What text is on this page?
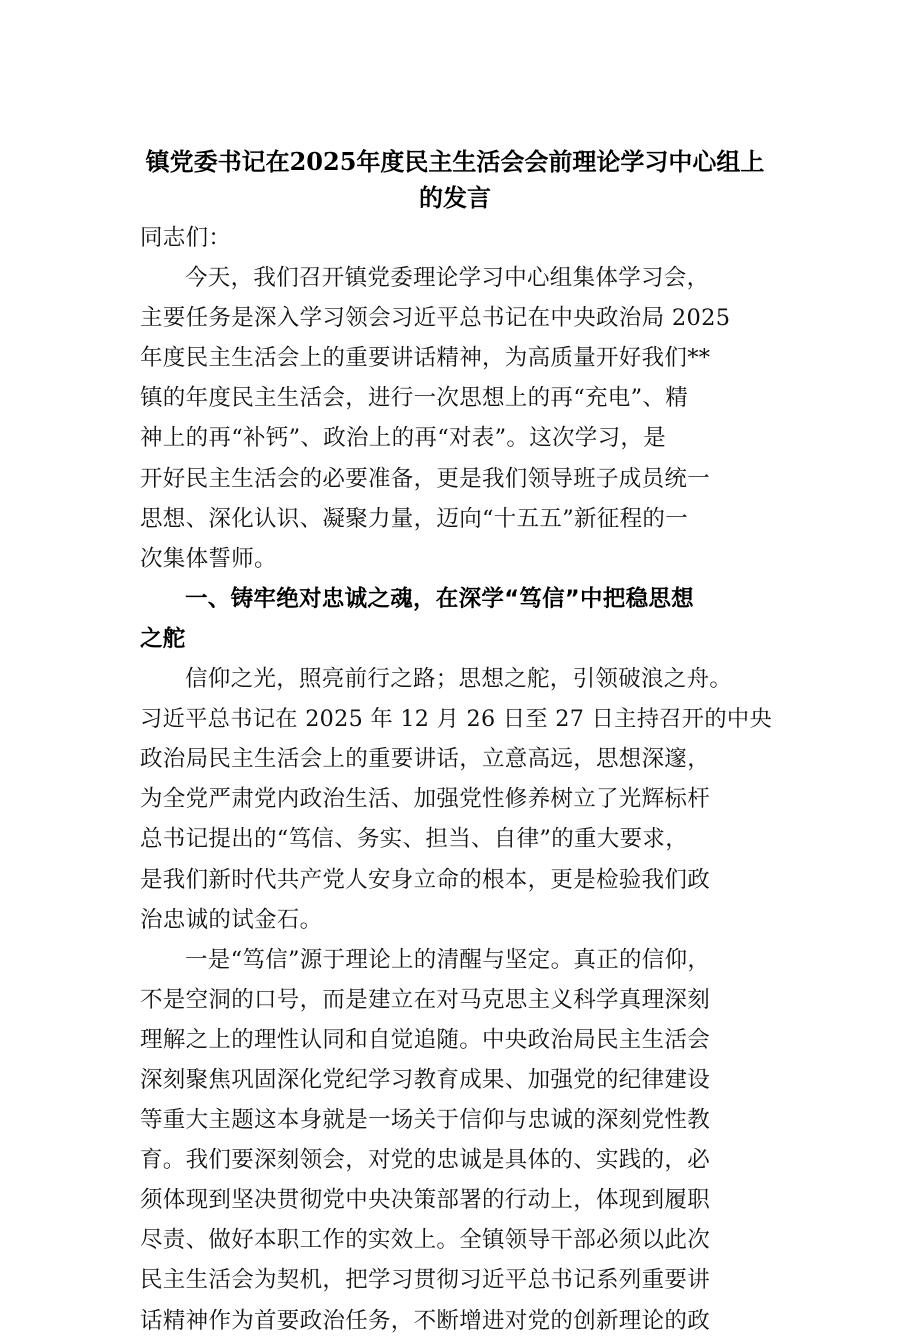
镇党委书记在2025年度民主生活会会前理论学习中心组上
的发言
同志们：
今天，我们召开镇党委理论学习中心组集体学习会，
主要任务是深入学习领会习近平总书记在中央政治局 2025
年度民主生活会上的重要讲话精神，为高质量开好我们**
镇的年度民主生活会，进行一次思想上的再“充电”、精
神上的再“补钙”、政治上的再“对表”。这次学习，是
开好民主生活会的必要准备，更是我们领导班子成员统一
思想、深化认识、凝聚力量，迈向“十五五”新征程的一
次集体誓师。
一、铸牢绝对忠诚之魂，在深学“笃信”中把稳思想
之舵
信仰之光，照亮前行之路；思想之舵，引领破浪之舟。
习近平总书记在 2025 年 12 月 26 日至 27 日主持召开的中央
政治局民主生活会上的重要讲话，立意高远，思想深邃，
为全党严肃党内政治生活、加强党性修养树立了光辉标杆
总书记提出的“笃信、务实、担当、自律”的重大要求，
是我们新时代共产党人安身立命的根本，更是检验我们政
治忠诚的试金石。
一是“笃信”源于理论上的清醒与坚定。真正的信仰，
不是空洞的口号，而是建立在对马克思主义科学真理深刻
理解之上的理性认同和自觉追随。中央政治局民主生活会
深刻聚焦巩固深化党纪学习教育成果、加强党的纪律建设
等重大主题这本身就是一场关于信仰与忠诚的深刻党性教
育。我们要深刻领会，对党的忠诚是具体的、实践的，必
须体现到坚决贯彻党中央决策部署的行动上，体现到履职
尽责、做好本职工作的实效上。全镇领导干部必须以此次
民主生活会为契机，把学习贯彻习近平总书记系列重要讲
话精神作为首要政治任务，不断增进对党的创新理论的政
